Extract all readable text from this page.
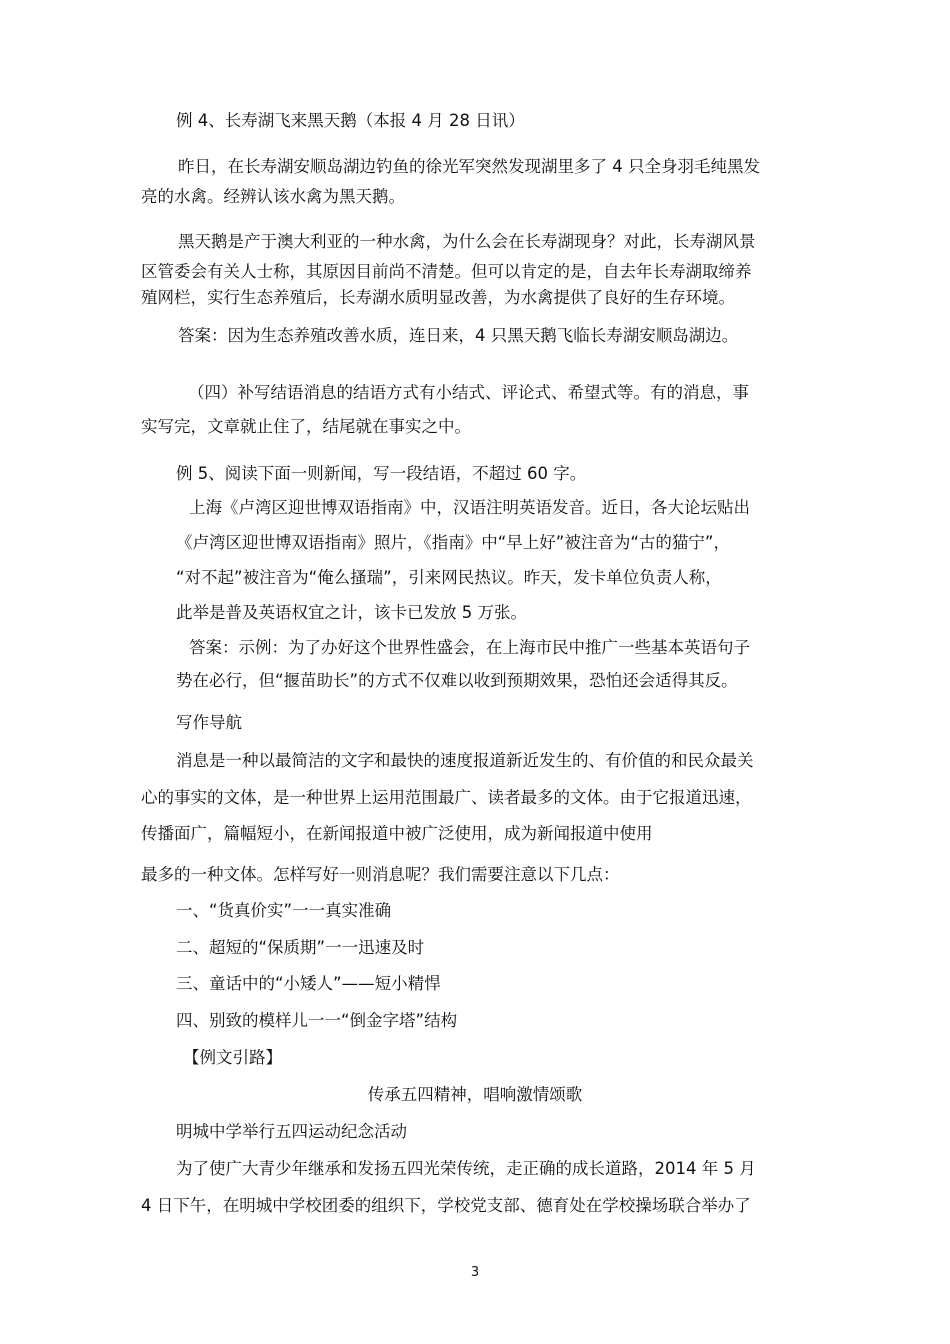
例 4、长寿湖飞来黑天鹅（本报 4 月 28 日讯）
昨日，在长寿湖安顺岛湖边钓鱼的徐光军突然发现湖里多了 4 只全身羽毛纯黑发
亮的水禽。经辨认该水禽为黑天鹅。
黑天鹅是产于澳大利亚的一种水禽，为什么会在长寿湖现身？对此，长寿湖风景
区管委会有关人士称，其原因目前尚不清楚。但可以肯定的是，自去年长寿湖取缔养
殖网栏，实行生态养殖后，长寿湖水质明显改善，为水禽提供了良好的生存环境。
答案：因为生态养殖改善水质，连日来，4 只黑天鹅飞临长寿湖安顺岛湖边。
（四）补写结语消息的结语方式有小结式、评论式、希望式等。有的消息，事
实写完，文章就止住了，结尾就在事实之中。
例 5、阅读下面一则新闻，写一段结语，不超过 60 字。
上海《卢湾区迎世博双语指南》中，汉语注明英语发音。近日，各大论坛贴出
《卢湾区迎世博双语指南》照片，《指南》中“早上好”被注音为“古的猫宁”，
“对不起”被注音为“俺么搔瑞”，引来网民热议。昨天，发卡单位负责人称，
此举是普及英语权宜之计，该卡已发放 5 万张。
答案：示例：为了办好这个世界性盛会，在上海市民中推广一些基本英语句子
势在必行，但“揠苗助长”的方式不仅难以收到预期效果，恐怕还会适得其反。
写作导航
消息是一种以最简洁的文字和最快的速度报道新近发生的、有价值的和民众最关
心的事实的文体，是一种世界上运用范围最广、读者最多的文体。由于它报道迅速，
传播面广，篇幅短小，在新闻报道中被广泛使用，成为新闻报道中使用
最多的一种文体。怎样写好一则消息呢？我们需要注意以下几点：
一、“货真价实”一一真实准确
二、超短的“保质期”一一迅速及时
三、童话中的“小矮人”——短小精悍
四、别致的模样儿一一“倒金字塔”结构
【例文引路】
传承五四精神，唱响激情颂歌
明城中学举行五四运动纪念活动
为了使广大青少年继承和发扬五四光荣传统，走正确的成长道路，2014 年 5 月
4 日下午，在明城中学校团委的组织下，学校党支部、德育处在学校操场联合举办了
3
